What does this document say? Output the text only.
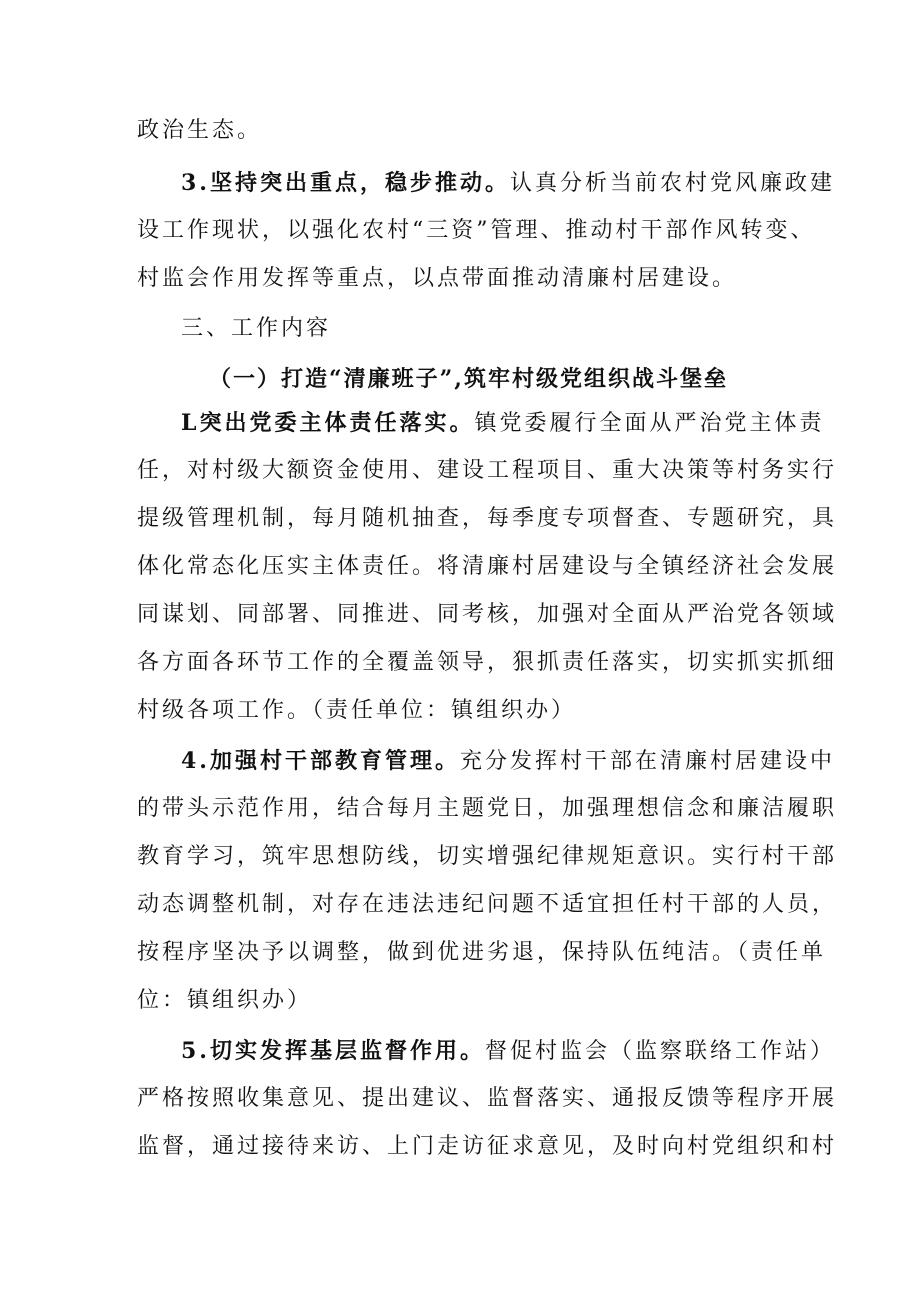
政治生态。
3.坚持突出重点，稳步推动。认真分析当前农村党风廉政建
设工作现状，以强化农村“三资”管理、推动村干部作风转变、
村监会作用发挥等重点，以点带面推动清廉村居建设。
三、工作内容
（一）打造“清廉班子”,筑牢村级党组织战斗堡垒
L突出党委主体责任落实。镇党委履行全面从严治党主体责
任，对村级大额资金使用、建设工程项目、重大决策等村务实行
提级管理机制，每月随机抽查，每季度专项督查、专题研究，具
体化常态化压实主体责任。将清廉村居建设与全镇经济社会发展
同谋划、同部署、同推进、同考核，加强对全面从严治党各领域
各方面各环节工作的全覆盖领导，狠抓责任落实，切实抓实抓细
村级各项工作。（责任单位：镇组织办）
4.加强村干部教育管理。充分发挥村干部在清廉村居建设中
的带头示范作用，结合每月主题党日，加强理想信念和廉洁履职
教育学习，筑牢思想防线，切实增强纪律规矩意识。实行村干部
动态调整机制，对存在违法违纪问题不适宜担任村干部的人员，
按程序坚决予以调整，做到优进劣退，保持队伍纯洁。（责任单
位：镇组织办）
5.切实发挥基层监督作用。督促村监会（监察联络工作站）
严格按照收集意见、提出建议、监督落实、通报反馈等程序开展
监督，通过接待来访、上门走访征求意见，及时向村党组织和村
